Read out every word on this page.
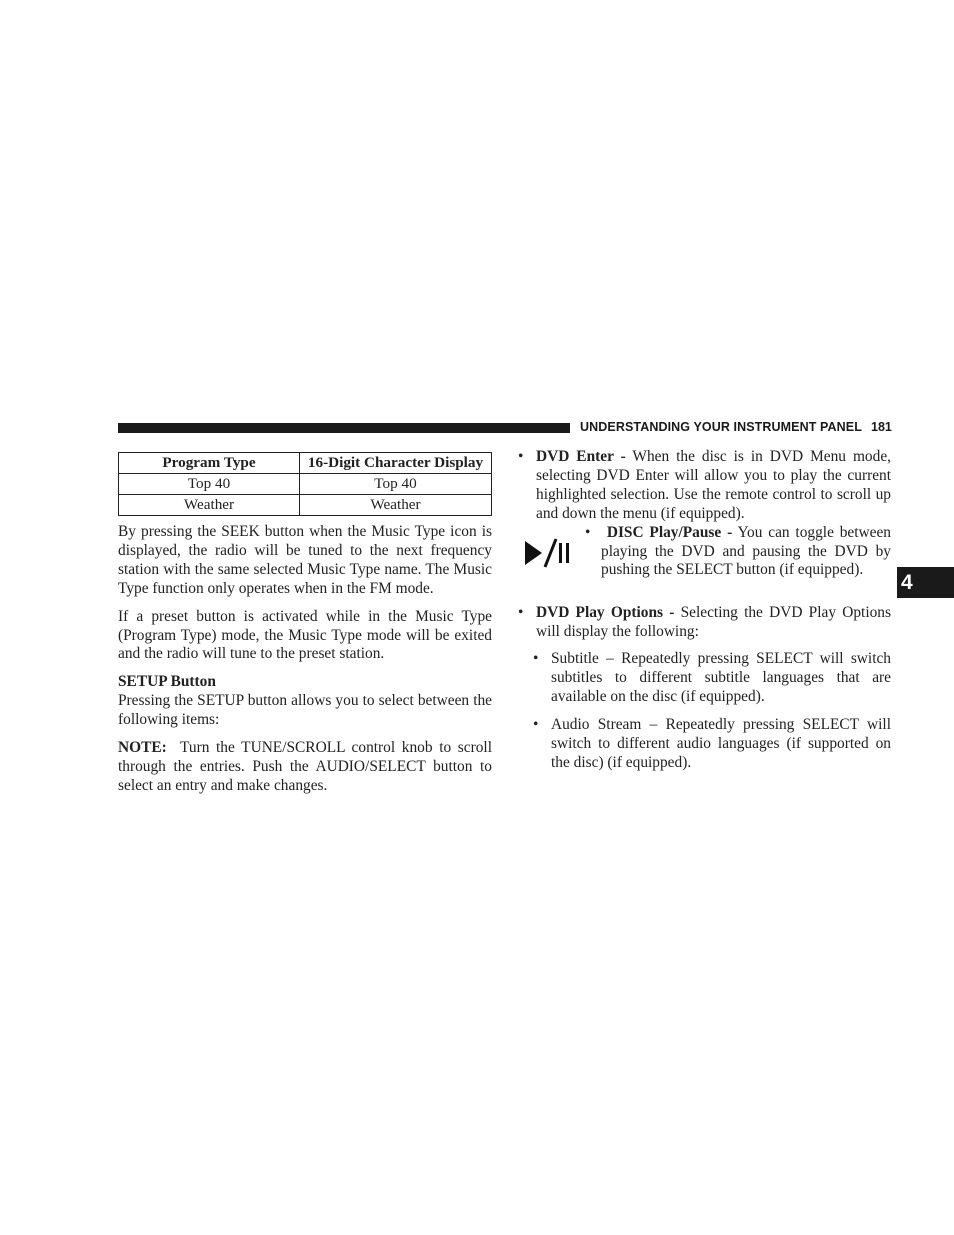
UNDERSTANDING YOUR INSTRUMENT PANEL 181
4
Program Type	16-Digit Character Display
Top 40	Top 40
Weather	Weather

By pressing the SEEK button when the Music Type icon is displayed, the radio will be tuned to the next frequency station with the same selected Music Type name. The Music Type function only operates when in the FM mode.

If a preset button is activated while in the Music Type (Program Type) mode, the Music Type mode will be exited and the radio will tune to the preset station.

SETUP Button

Pressing the SETUP button allows you to select between the following items:

NOTE: Turn the TUNE/SCROLL control knob to scroll through the entries. Push the AUDIO/SELECT button to select an entry and make changes.

• DVD Enter - When the disc is in DVD Menu mode, selecting DVD Enter will allow you to play the current highlighted selection. Use the remote control to scroll up and down the menu (if equipped).
• DISC Play/Pause - You can toggle between playing the DVD and pausing the DVD by pushing the SELECT button (if equipped).
• DVD Play Options - Selecting the DVD Play Options will display the following:
• Subtitle – Repeatedly pressing SELECT will switch subtitles to different subtitle languages that are available on the disc (if equipped).
• Audio Stream – Repeatedly pressing SELECT will switch to different audio languages (if supported on the disc) (if equipped).
